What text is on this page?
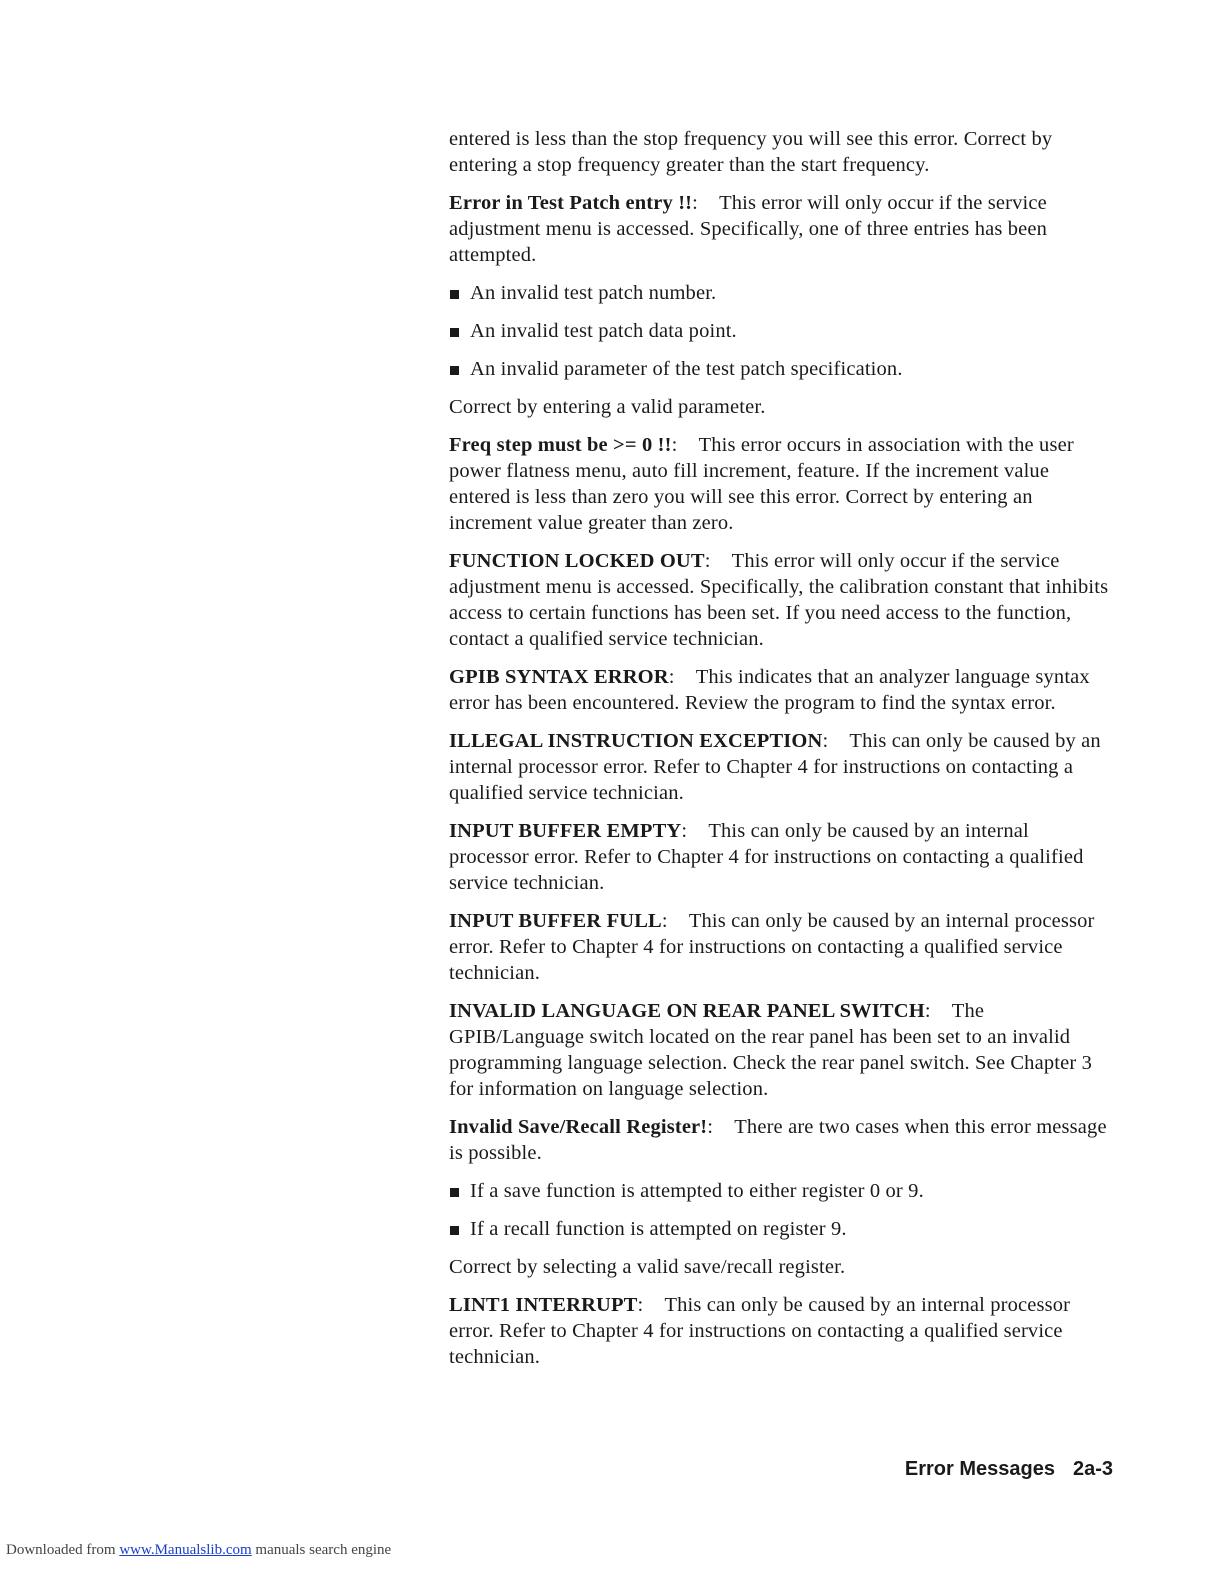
entered is less than the stop frequency you will see this error. Correct by entering a stop frequency greater than the start frequency.

Error in Test Patch entry !!:    This error will only occur if the service adjustment menu is accessed. Specifically, one of three entries has been attempted.

An invalid test patch number.
An invalid test patch data point.
An invalid parameter of the test patch specification.

Correct by entering a valid parameter.

Freq step must be >= 0 !!:    This error occurs in association with the user power flatness menu, auto fill increment, feature. If the increment value entered is less than zero you will see this error. Correct by entering an increment value greater than zero.

FUNCTION LOCKED OUT:    This error will only occur if the service adjustment menu is accessed. Specifically, the calibration constant that inhibits access to certain functions has been set. If you need access to the function, contact a qualified service technician.

GPIB SYNTAX ERROR:    This indicates that an analyzer language syntax error has been encountered. Review the program to find the syntax error.

ILLEGAL INSTRUCTION EXCEPTION:    This can only be caused by an internal processor error. Refer to Chapter 4 for instructions on contacting a qualified service technician.

INPUT BUFFER EMPTY:    This can only be caused by an internal processor error. Refer to Chapter 4 for instructions on contacting a qualified service technician.

INPUT BUFFER FULL:    This can only be caused by an internal processor error. Refer to Chapter 4 for instructions on contacting a qualified service technician.

INVALID LANGUAGE ON REAR PANEL SWITCH:    The GPIB/Language switch located on the rear panel has been set to an invalid programming language selection. Check the rear panel switch. See Chapter 3 for information on language selection.

Invalid Save/Recall Register!:    There are two cases when this error message is possible.

If a save function is attempted to either register 0 or 9.
If a recall function is attempted on register 9.

Correct by selecting a valid save/recall register.

LINT1 INTERRUPT:    This can only be caused by an internal processor error. Refer to Chapter 4 for instructions on contacting a qualified service technician.

Error Messages 2a-3
Downloaded from www.Manualslib.com manuals search engine
